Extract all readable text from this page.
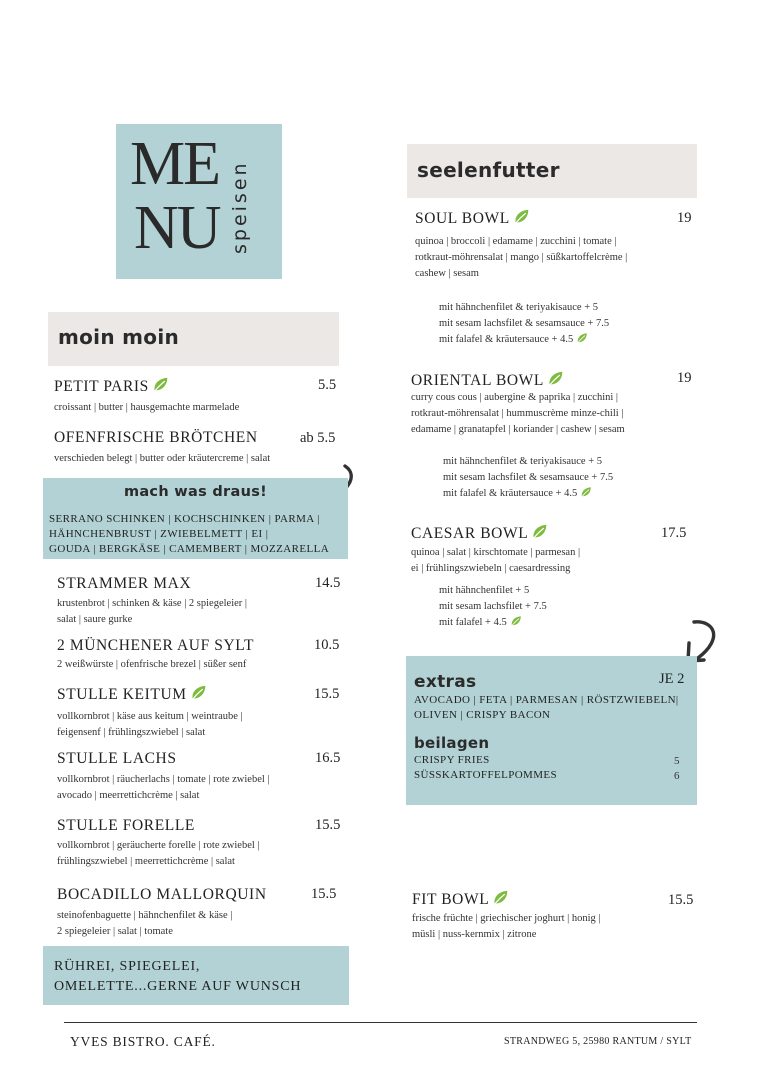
ME
NU speisen
moin moin
PETIT PARIS	5.5
croissant | butter | hausgemachte marmelade
OFENFRISCHE BRÖTCHEN	ab 5.5
verschieden belegt | butter oder kräutercreme | salat
mach was draus!
SERRANO SCHINKEN | KOCHSCHINKEN | PARMA |
HÄHNCHENBRUST | ZWIEBELMETT | EI |
GOUDA | BERGKÄSE | CAMEMBERT | MOZZARELLA
STRAMMER MAX	14.5
krustenbrot | schinken & käse | 2 spiegeleier |
salat | saure gurke
2 MÜNCHENER AUF SYLT	10.5
2 weißwürste | ofenfrische brezel | süßer senf
STULLE KEITUM	15.5
vollkornbrot | käse aus keitum | weintraube |
feigensenf | frühlingszwiebel | salat
STULLE LACHS	16.5
vollkornbrot | räucherlachs | tomate | rote zwiebel |
avocado | meerrettichcrème | salat
STULLE FORELLE	15.5
vollkornbrot | geräucherte forelle | rote zwiebel |
frühlingszwiebel | meerrettichcrème | salat
BOCADILLO MALLORQUIN	15.5
steinofenbaguette | hähnchenfilet & käse |
2 spiegeleier | salat | tomate
RÜHREI, SPIEGELEI,
OMELETTE...GERNE AUF WUNSCH
seelenfutter
SOUL BOWL	19
quinoa | broccoli | edamame | zucchini | tomate |
rotkraut-möhrensalat | mango | süßkartoffelcrème |
cashew | sesam
mit hähnchenfilet & teriyakisauce + 5
mit sesam lachsfilet & sesamsauce + 7.5
mit falafel & kräutersauce + 4.5
ORIENTAL BOWL	19
curry cous cous | aubergine & paprika | zucchini |
rotkraut-möhrensalat | hummuscrème minze-chili |
edamame | granatapfel | koriander | cashew | sesam
mit hähnchenfilet & teriyakisauce + 5
mit sesam lachsfilet & sesamsauce + 7.5
mit falafel & kräutersauce + 4.5
CAESAR BOWL	17.5
quinoa | salat | kirschtomate | parmesan |
ei | frühlingszwiebeln | caesardressing
mit hähnchenfilet + 5
mit sesam lachsfilet + 7.5
mit falafel + 4.5
extras	JE 2
AVOCADO | FETA | PARMESAN | RÖSTZWIEBELN|
OLIVEN | CRISPY BACON
beilagen
CRISPY FRIES	5
SÜSSKARTOFFELPOMMES	6
FIT BOWL	15.5
frische früchte | griechischer joghurt | honig |
müsli | nuss-kernmix | zitrone
YVES BISTRO. CAFÉ.	STRANDWEG 5, 25980 RANTUM / SYLT
